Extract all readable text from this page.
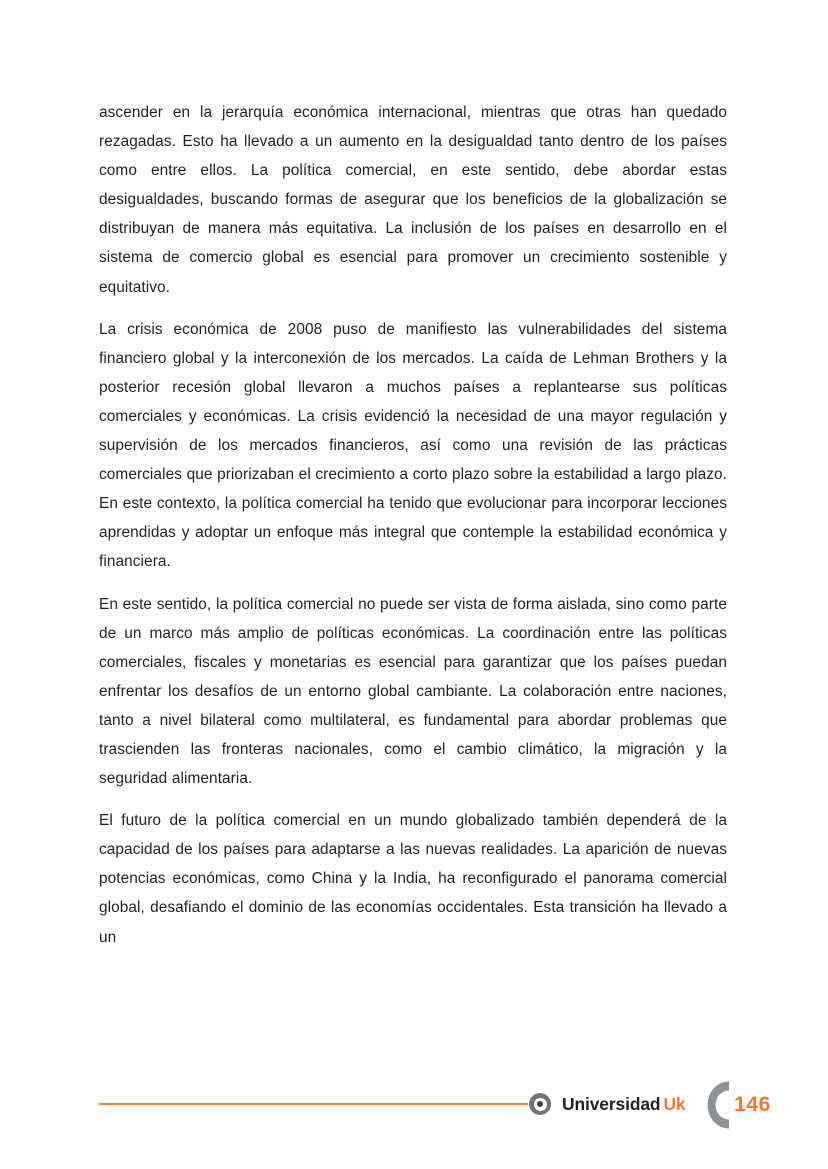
ascender en la jerarquía económica internacional, mientras que otras han quedado rezagadas. Esto ha llevado a un aumento en la desigualdad tanto dentro de los países como entre ellos. La política comercial, en este sentido, debe abordar estas desigualdades, buscando formas de asegurar que los beneficios de la globalización se distribuyan de manera más equitativa. La inclusión de los países en desarrollo en el sistema de comercio global es esencial para promover un crecimiento sostenible y equitativo.

La crisis económica de 2008 puso de manifiesto las vulnerabilidades del sistema financiero global y la interconexión de los mercados. La caída de Lehman Brothers y la posterior recesión global llevaron a muchos países a replantearse sus políticas comerciales y económicas. La crisis evidenció la necesidad de una mayor regulación y supervisión de los mercados financieros, así como una revisión de las prácticas comerciales que priorizaban el crecimiento a corto plazo sobre la estabilidad a largo plazo. En este contexto, la política comercial ha tenido que evolucionar para incorporar lecciones aprendidas y adoptar un enfoque más integral que contemple la estabilidad económica y financiera.

En este sentido, la política comercial no puede ser vista de forma aislada, sino como parte de un marco más amplio de políticas económicas. La coordinación entre las políticas comerciales, fiscales y monetarias es esencial para garantizar que los países puedan enfrentar los desafíos de un entorno global cambiante. La colaboración entre naciones, tanto a nivel bilateral como multilateral, es fundamental para abordar problemas que trascienden las fronteras nacionales, como el cambio climático, la migración y la seguridad alimentaria.

El futuro de la política comercial en un mundo globalizado también dependerá de la capacidad de los países para adaptarse a las nuevas realidades. La aparición de nuevas potencias económicas, como China y la India, ha reconfigurado el panorama comercial global, desafiando el dominio de las economías occidentales. Esta transición ha llevado a un

Universidad Uk 146
